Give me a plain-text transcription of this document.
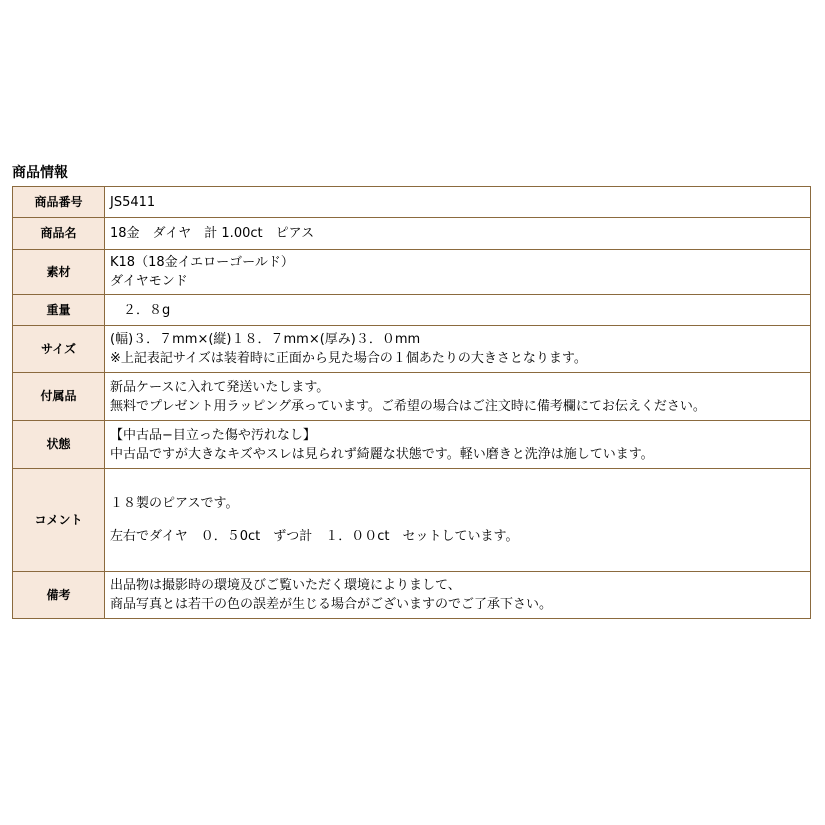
商品情報
商品番号	JS5411

商品名	18金　ダイヤ　計 1.00ct　ピアス

素材	K18（18金イエローゴールド）
ダイヤモンド

重量	　２．８g

サイズ	(幅)３．７mm×(縦)１８．７mm×(厚み)３．０mm
※上記表記サイズは装着時に正面から見た場合の１個あたりの大きさとなります。

付属品	新品ケースに入れて発送いたします。
無料でプレゼント用ラッピング承っています。ご希望の場合はご注文時に備考欄にてお伝えください。

状態	【中古品−目立った傷や汚れなし】
中古品ですが大きなキズやスレは見られず綺麗な状態です。軽い磨きと洗浄は施しています。

コメント	１８製のピアスです。
左右でダイヤ　０．５0ct　ずつ計　１．００ct　セットしています。

備考	出品物は撮影時の環境及びご覧いただく環境によりまして、
商品写真とは若干の色の誤差が生じる場合がございますのでご了承下さい。
